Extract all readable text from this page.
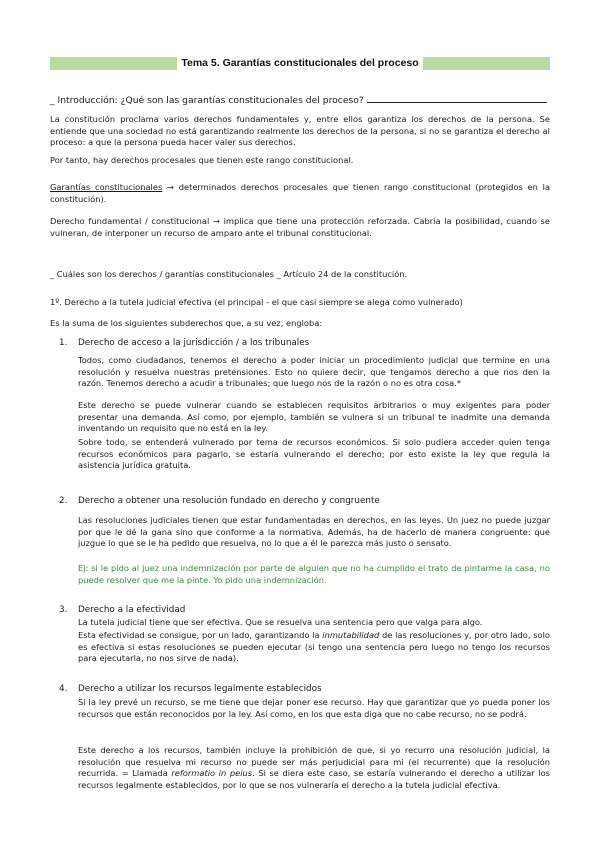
Tema 5. Garantías constitucionales del proceso

_ Introducción: ¿Qué son las garantías constitucionales del proceso?

La constitución proclama varios derechos fundamentales y, entre ellos garantiza los derechos de la persona. Se entiende que una sociedad no está garantizando realmente los derechos de la persona, si no se garantiza el derecho al proceso: a que la persona pueda hacer valer sus derechos.

Por tanto, hay derechos procesales que tienen este rango constitucional.

Garantías constitucionales → determinados derechos procesales que tienen rango constitucional (protegidos en la constitución).

Derecho fundamental / constitucional → implica que tiene una protección reforzada. Cabría la posibilidad, cuando se vulneran, de interponer un recurso de amparo ante el tribunal constitucional.

_ Cuáles son los derechos / garantías constitucionales _ Artículo 24 de la constitución.

1º. Derecho a la tutela judicial efectiva (el principal - el que casi siempre se alega como vulnerado)

Es la suma de los siguientes subderechos que, a su vez, engloba:

1. Derecho de acceso a la jurisdicción / a los tribunales

Todos, como ciudadanos, tenemos el derecho a poder iniciar un procedimiento judicial que termine en una resolución y resuelva nuestras pretensiones. Esto no quiere decir, que tengamos derecho a que nos den la razón. Tenemos derecho a acudir a tribunales; que luego nos de la razón o no es otra cosa.*

Este derecho se puede vulnerar cuando se establecen requisitos arbitrarios o muy exigentes para poder presentar una demanda. Así como, por ejemplo, también se vulnera si un tribunal te inadmite una demanda inventando un requisito que no está en la ley.

Sobre todo, se entenderá vulnerado por tema de recursos económicos. Si solo pudiera acceder quien tenga recursos económicos para pagarlo, se estaría vulnerando el derecho; por esto existe la ley que regula la asistencia jurídica gratuita.

2. Derecho a obtener una resolución fundado en derecho y congruente

Las resoluciones judiciales tienen que estar fundamentadas en derechos, en las leyes. Un juez no puede juzgar por que le dé la gana sino que conforme a la normativa. Además, ha de hacerlo de manera congruente: que juzgue lo que se le ha pedido que resuelva, no lo que a él le parezca más justo o sensato.

Ej: si le pido al juez una indemnización por parte de alguien que no ha cumplido el trato de pintarme la casa, no puede resolver que me la pinte. Yo pido una indemnización.

3. Derecho a la efectividad

La tutela judicial tiene que ser efectiva. Que se resuelva una sentencia pero que valga para algo.

Esta efectividad se consigue, por un lado, garantizando la inmutabilidad de las resoluciones y, por otro lado, solo es efectiva si estas resoluciones se pueden ejecutar (si tengo una sentencia pero luego no tengo los recursos para ejecutarla, no nos sirve de nada).

4. Derecho a utilizar los recursos legalmente establecidos

Si la ley prevé un recurso, se me tiene que dejar poner ese recurso. Hay que garantizar que yo pueda poner los recursos que están reconocidos por la ley. Así como, en los que esta diga que no cabe recurso, no se podrá.

Este derecho a los recursos, también incluye la prohibición de que, si yo recurro una resolución judicial, la resolución que resuelva mi recurso no puede ser más perjudicial para mi (el recurrente) que la resolución recurrida. = Llamada reformatio in peius. Si se diera este caso, se estaría vulnerando el derecho a utilizar los recursos legalmente establecidos, por lo que se nos vulneraría el derecho a la tutela judicial efectiva.
